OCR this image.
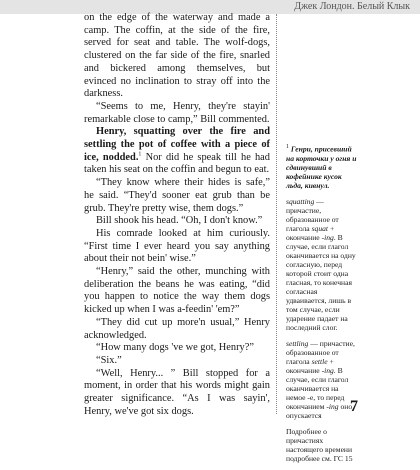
Джек Лондон. Белый Клык

on the edge of the waterway and made a camp. The coffin, at the side of the fire, served for seat and table. The wolf-dogs, clustered on the far side of the fire, snarled and bickered among themselves, but evinced no inclination to stray off into the darkness.

“Seems to me, Henry, they're stayin' remarkable close to camp,” Bill commented.

Henry, squatting over the fire and settling the pot of coffee with a piece of ice, nodded.$^1$ Nor did he speak till he had taken his seat on the coffin and begun to eat.

“They know where their hides is safe,” he said. “They'd sooner eat grub than be grub. They're pretty wise, them dogs.”

Bill shook his head. “Oh, I don't know.”

His comrade looked at him curiously. “First time I ever heard you say anything about their not bein' wise.”

“Henry,” said the other, munching with deliberation the beans he was eating, “did you happen to notice the way them dogs kicked up when I was a-feedin' 'em?”

“They did cut up more'n usual,” Henry acknowledged.

“How many dogs 've we got, Henry?”

“Six.”

“Well, Henry... ” Bill stopped for a moment, in order that his words might gain greater significance. “As I was sayin', Henry, we've got six dogs.

$^1$ Генри, присевший на корточки у огня и сдвинувший в кофейнике кусок льда, кивнул.

squatting — причастие, образованное от глагола squat + окончание -ing. В случае, если глагол оканчивается на одну согласную, перед которой стоит одна гласная, то конечная согласная удваивается, лишь в том случае, если ударение падает на последний слог.

settling — причастие, образованное от глагола settle + окончание -ing. В случае, если глагол оканчивается на немое -e, то перед окончанием -ing оно опускается

Подробнее о причастиях настоящего времени подробнее см. ГС 15

7
